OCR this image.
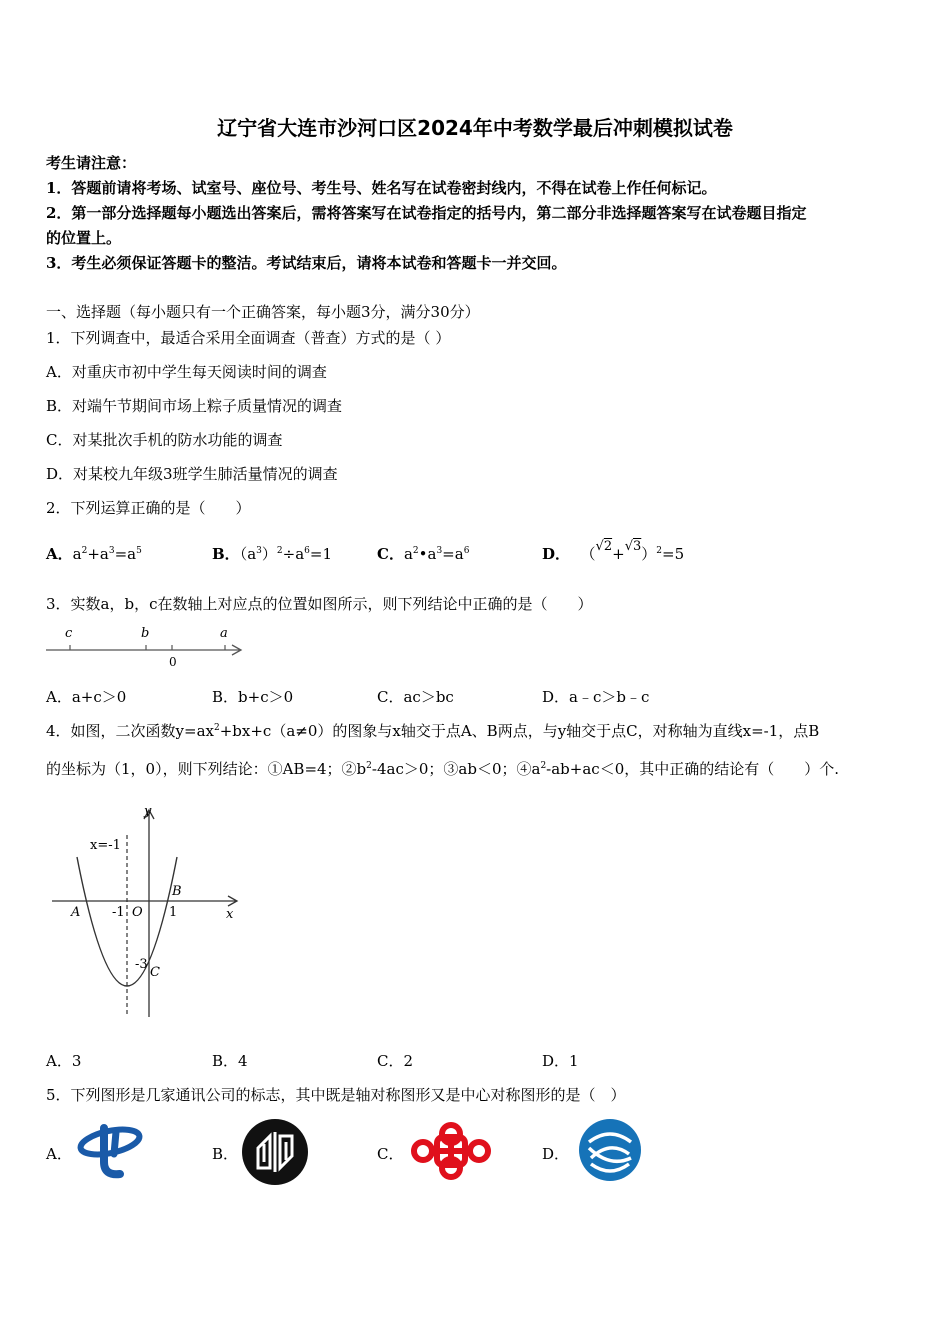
辽宁省大连市沙河口区2024年中考数学最后冲刺模拟试卷
考生请注意：
1．答题前请将考场、试室号、座位号、考生号、姓名写在试卷密封线内，不得在试卷上作任何标记。
2．第一部分选择题每小题选出答案后，需将答案写在试卷指定的括号内，第二部分非选择题答案写在试卷题目指定
的位置上。
3．考生必须保证答题卡的整洁。考试结束后，请将本试卷和答题卡一并交回。
一、选择题（每小题只有一个正确答案，每小题3分，满分30分）
1．下列调查中，最适合采用全面调查（普查）方式的是（ ）
A．对重庆市初中学生每天阅读时间的调查
B．对端午节期间市场上粽子质量情况的调查
C．对某批次手机的防水功能的调查
D．对某校九年级3班学生肺活量情况的调查
2．下列运算正确的是（　　）
A．$a^2+a^3=a^5$	B．$(a^3)^2\div a^6=1$	C．$a^2•a^3=a^6$	D． $(√2+√3)^2=5$
3．实数a，b，c在数轴上对应点的位置如图所示，则下列结论中正确的是（　　）
c	b	a
0
A．a+c＞0	B．b+c＞0	C．ac＞bc	D．a﹣c＞b﹣c
4．如图，二次函数$y=ax^2+bx+c(a\ne 0)$的图象与x轴交于点A、B两点，与y轴交于点C，对称轴为直线x=-1，点B
的坐标为（1，0），则下列结论：①AB=4；$②b^2-4ac>0$；③ab＜0；$④a^2-ab+ac<0$，其中正确的结论有（　　）个.
y
x
x=-1
A -1 O 1
B
-3
C
A．3	B．4	C．2	D．1
5．下列图形是几家通讯公司的标志，其中既是轴对称图形又是中心对称图形的是（　）
A．	B．	C．	D．
